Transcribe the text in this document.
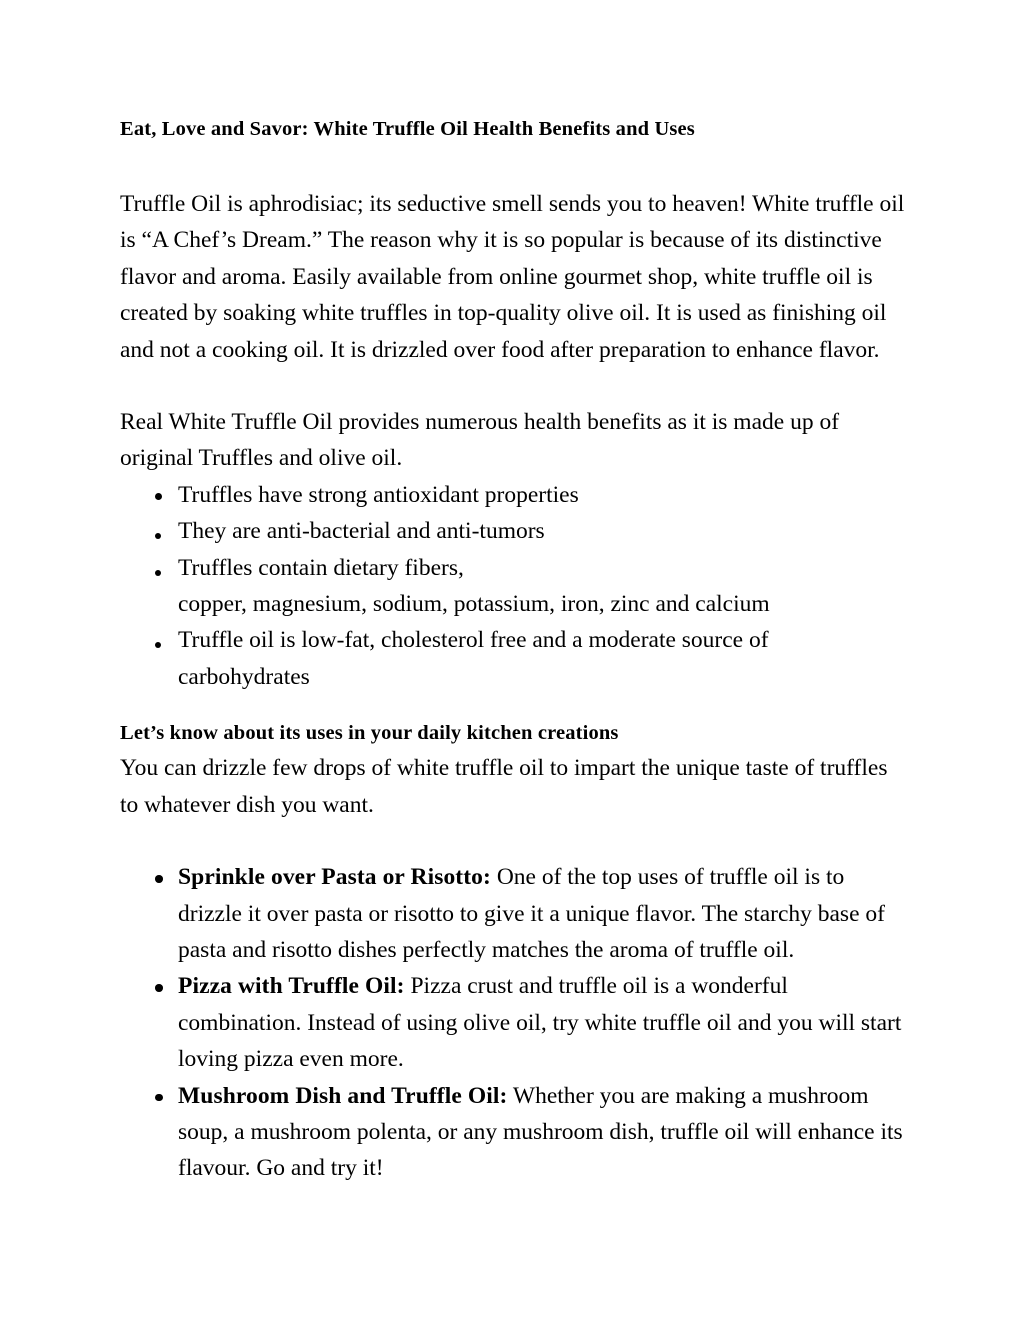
Eat, Love and Savor: White Truffle Oil Health Benefits and Uses

Truffle Oil is aphrodisiac; its seductive smell sends you to heaven! White truffle oil is “A Chef’s Dream.” The reason why it is so popular is because of its distinctive flavor and aroma. Easily available from online gourmet shop, white truffle oil is created by soaking white truffles in top-quality olive oil. It is used as finishing oil and not a cooking oil. It is drizzled over food after preparation to enhance flavor.

Real White Truffle Oil provides numerous health benefits as it is made up of original Truffles and olive oil.

Truffles have strong antioxidant properties
They are anti-bacterial and anti-tumors
Truffles contain dietary fibers,
copper, magnesium, sodium, potassium, iron, zinc and calcium
Truffle oil is low-fat, cholesterol free and a moderate source of carbohydrates
Let’s know about its uses in your daily kitchen creations

You can drizzle few drops of white truffle oil to impart the unique taste of truffles to whatever dish you want.

Sprinkle over Pasta or Risotto: One of the top uses of truffle oil is to drizzle it over pasta or risotto to give it a unique flavor. The starchy base of pasta and risotto dishes perfectly matches the aroma of truffle oil.
Pizza with Truffle Oil: Pizza crust and truffle oil is a wonderful combination. Instead of using olive oil, try white truffle oil and you will start loving pizza even more.
Mushroom Dish and Truffle Oil: Whether you are making a mushroom soup, a mushroom polenta, or any mushroom dish, truffle oil will enhance its flavour. Go and try it!
